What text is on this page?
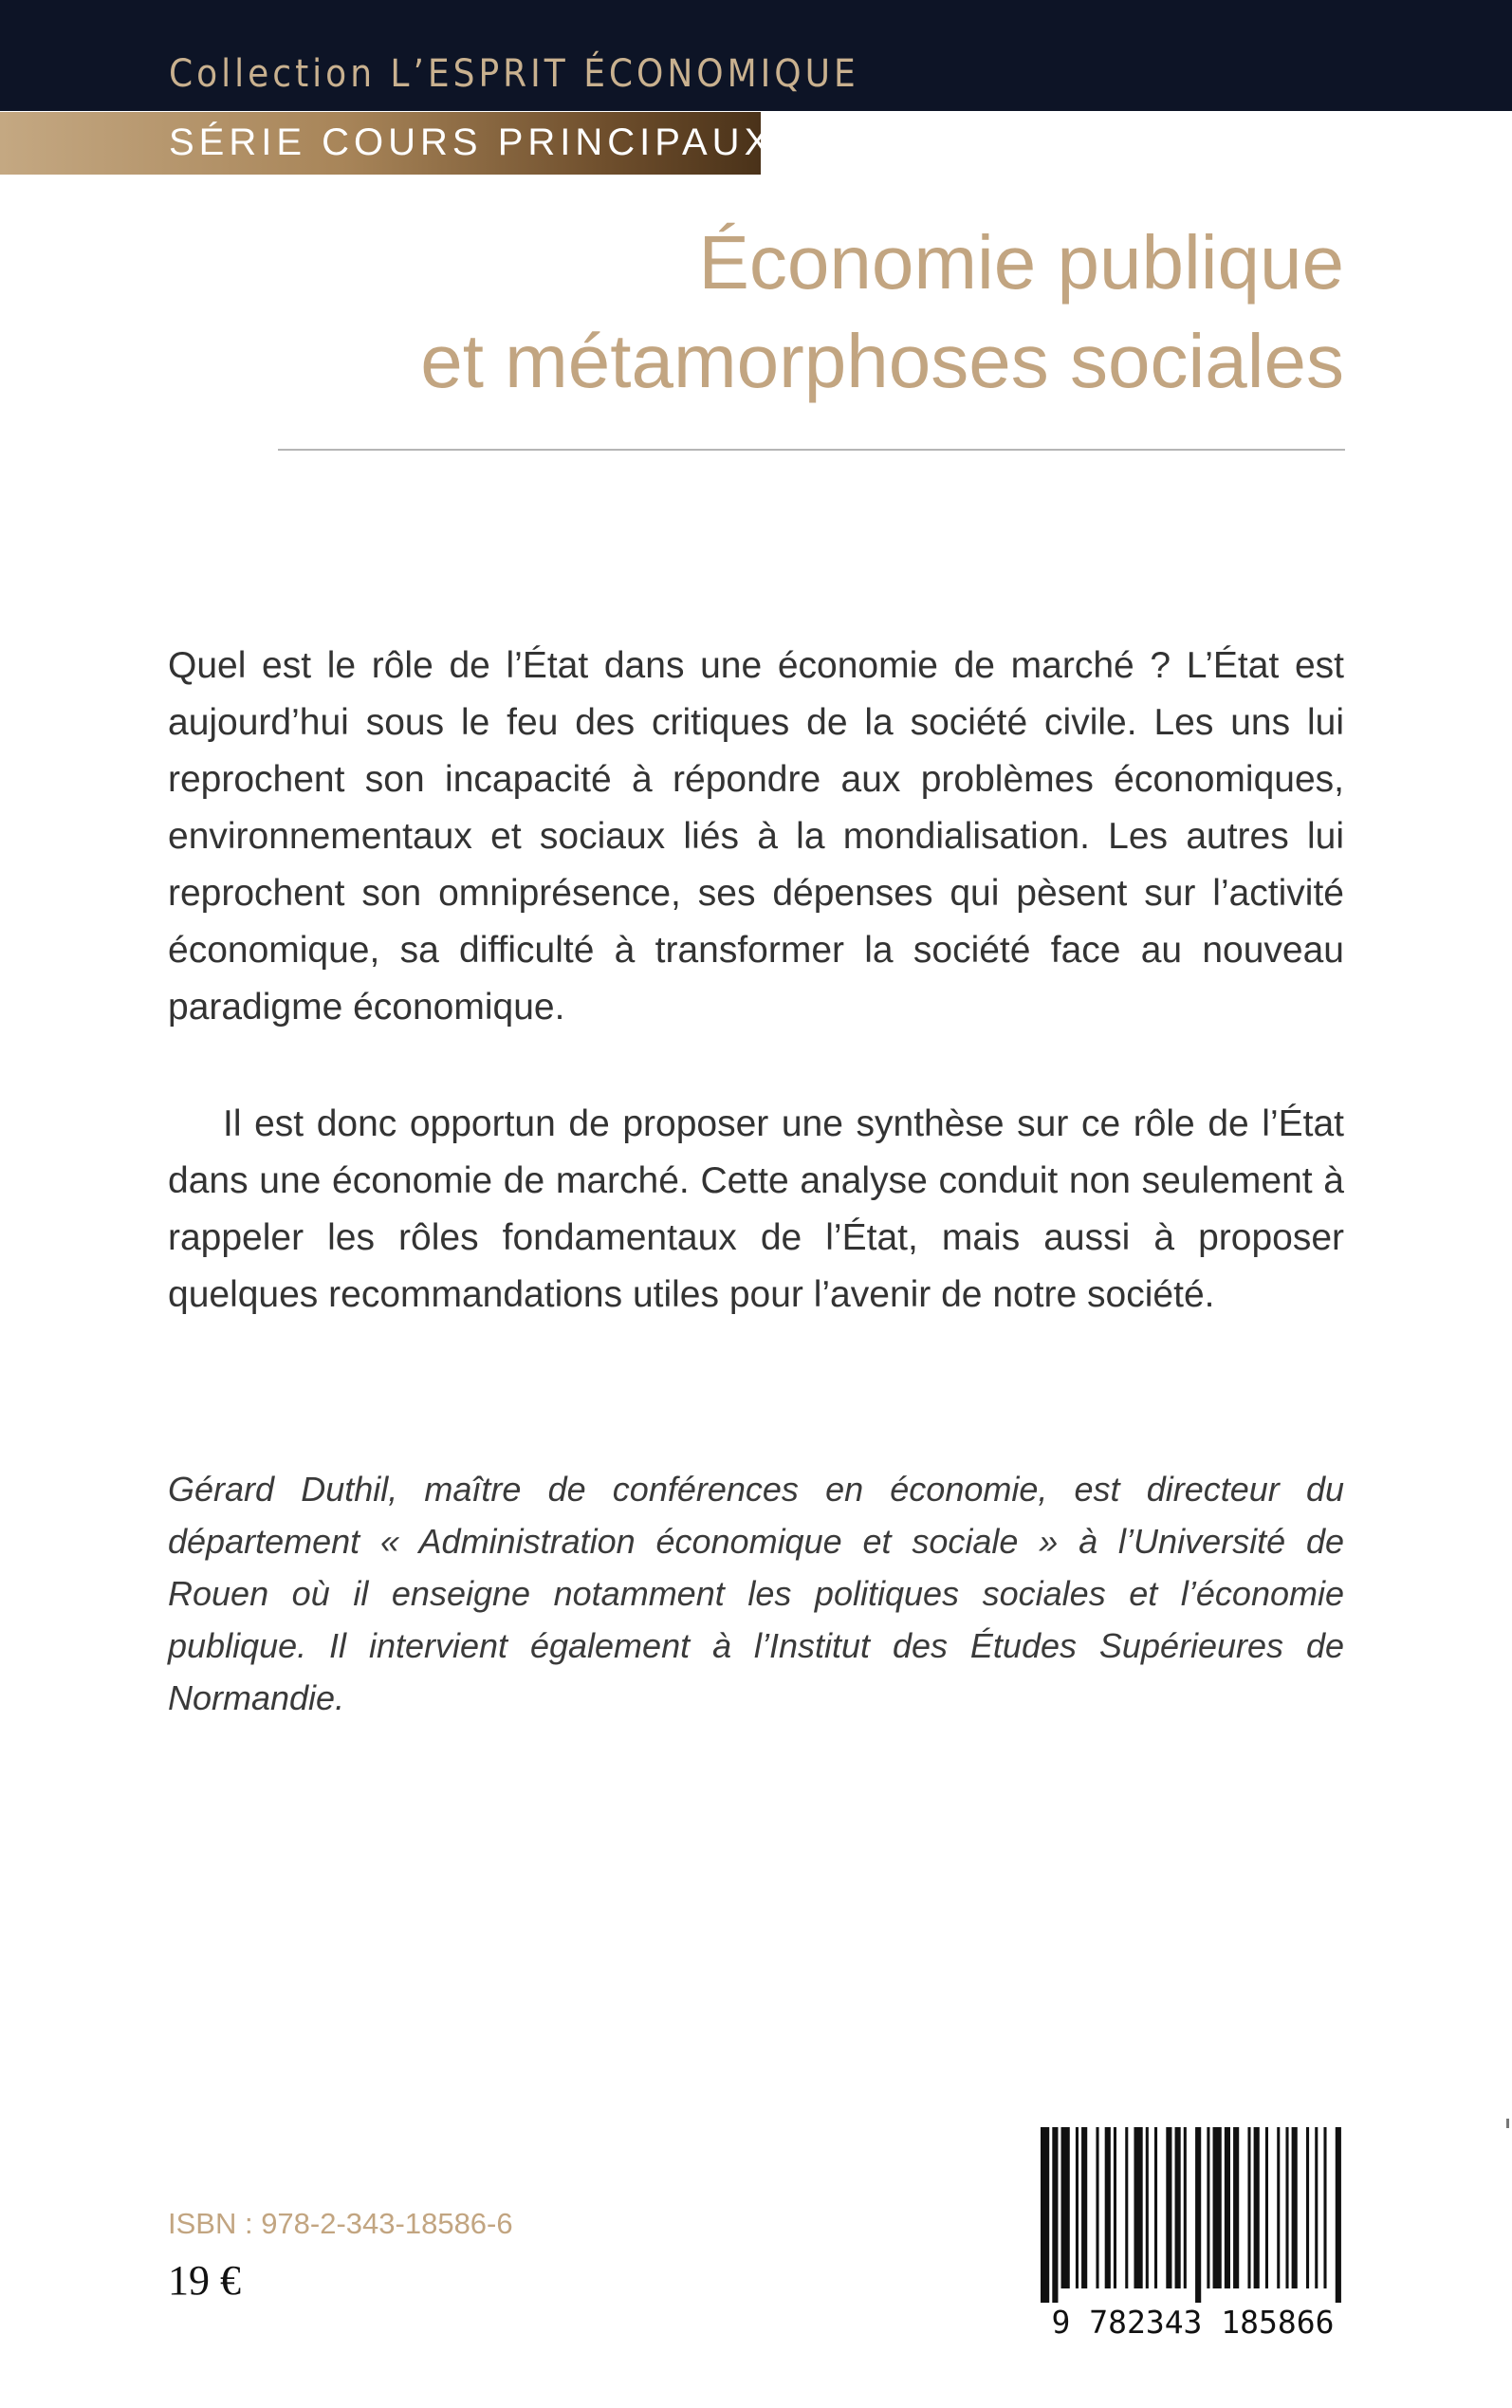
Collection L’ESPRIT ÉCONOMIQUE
SÉRIE COURS PRINCIPAUX
Économie publique
et métamorphoses sociales

Quel est le rôle de l’État dans une économie de marché ? L’État est aujourd’hui sous le feu des critiques de la société civile. Les uns lui reprochent son incapacité à répondre aux problèmes économiques, environnementaux et sociaux liés à la mondialisation. Les autres lui reprochent son omniprésence, ses dépenses qui pèsent sur l’activité économique, sa difficulté à transformer la société face au nouveau paradigme économique.

Il est donc opportun de proposer une synthèse sur ce rôle de l’État dans une économie de marché. Cette analyse conduit non seulement à rappeler les rôles fondamentaux de l’État, mais aussi à proposer quelques recommandations utiles pour l’avenir de notre société.

Gérard Duthil, maître de conférences en économie, est directeur du département « Administration économique et sociale » à l’Université de Rouen où il enseigne notamment les politiques sociales et l’économie publique. Il intervient également à l’Institut des Études Supérieures de Normandie.

ISBN : 978-2-343-18586-6
19 €
9 782343 185866
